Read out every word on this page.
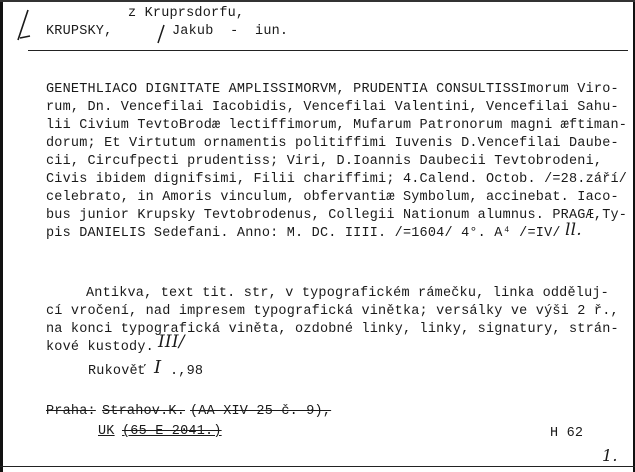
z Kruprsdorfu,
KRUPSKY,	Jakub  -  iun.
GENETHLIACO DIGNITATE AMPLISSIMORVM, PRUDENTIA CONSULTISSImorum Viro-
rum, Dn. Vencefilai Iacobidis, Vencefilai Valentini, Vencefilai Sahu-
lii Civium TevtoBrodæ lectiffimorum, Mufarum Patronorum magni æftiman-
dorum; Et Virtutum ornamentis politiffimi Iuvenis D.Vencefilai Daube-
cii, Circufpecti prudentiss; Viri, D.Ioannis Daubecii Tevtobrodeni,
Civis ibidem dignifsimi, Filii chariffimi; 4.Calend. Octob. /=28.září/
celebrato, in Amoris vinculum, obfervantiæ Symbolum, accinebat. Iaco-
bus junior Krupsky Tevtobrodenus, Collegii Nationum alumnus. PRAGÆ,Ty-
pis DANIELIS Sedefani. Anno: M. DC. IIII. /=1604/ 4°. A⁴ /=IV/ ll.
Antikva, text tit. str, v typografickém rámečku, linka odděluj-
cí vročení, nad impresem typografická vinětka; versálky ve výši 2 ř.,
na konci typografická viněta, ozdobné linky, linky, signatury, strán-
kové kustody. III/
Rukověť I .,98
Praha: Strahov.K. (AA XIV 25 č. 9),
UK (65 E 2041.)	H 62
1.
